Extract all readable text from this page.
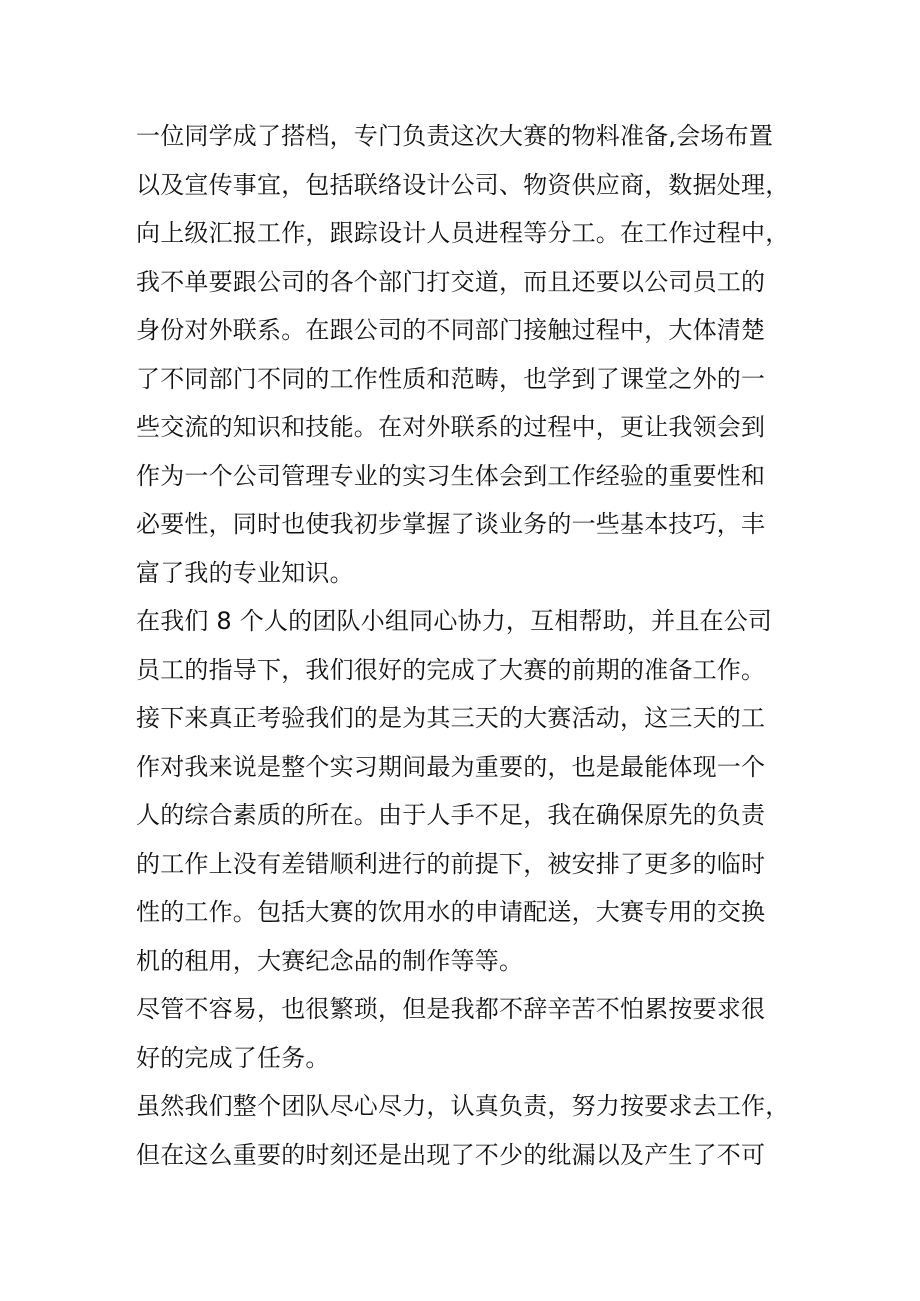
一位同学成了搭档，专门负责这次大赛的物料准备,会场布置
以及宣传事宜，包括联络设计公司、物资供应商，数据处理，
向上级汇报工作，跟踪设计人员进程等分工。在工作过程中，
我不单要跟公司的各个部门打交道，而且还要以公司员工的
身份对外联系。在跟公司的不同部门接触过程中，大体清楚
了不同部门不同的工作性质和范畴，也学到了课堂之外的一
些交流的知识和技能。在对外联系的过程中，更让我领会到
作为一个公司管理专业的实习生体会到工作经验的重要性和
必要性，同时也使我初步掌握了谈业务的一些基本技巧，丰
富了我的专业知识。
在我们 8 个人的团队小组同心协力，互相帮助，并且在公司
员工的指导下，我们很好的完成了大赛的前期的准备工作。
接下来真正考验我们的是为其三天的大赛活动，这三天的工
作对我来说是整个实习期间最为重要的，也是最能体现一个
人的综合素质的所在。由于人手不足，我在确保原先的负责
的工作上没有差错顺利进行的前提下，被安排了更多的临时
性的工作。包括大赛的饮用水的申请配送，大赛专用的交换
机的租用，大赛纪念品的制作等等。
尽管不容易，也很繁琐，但是我都不辞辛苦不怕累按要求很
好的完成了任务。
虽然我们整个团队尽心尽力，认真负责，努力按要求去工作，
但在这么重要的时刻还是出现了不少的纰漏以及产生了不可
